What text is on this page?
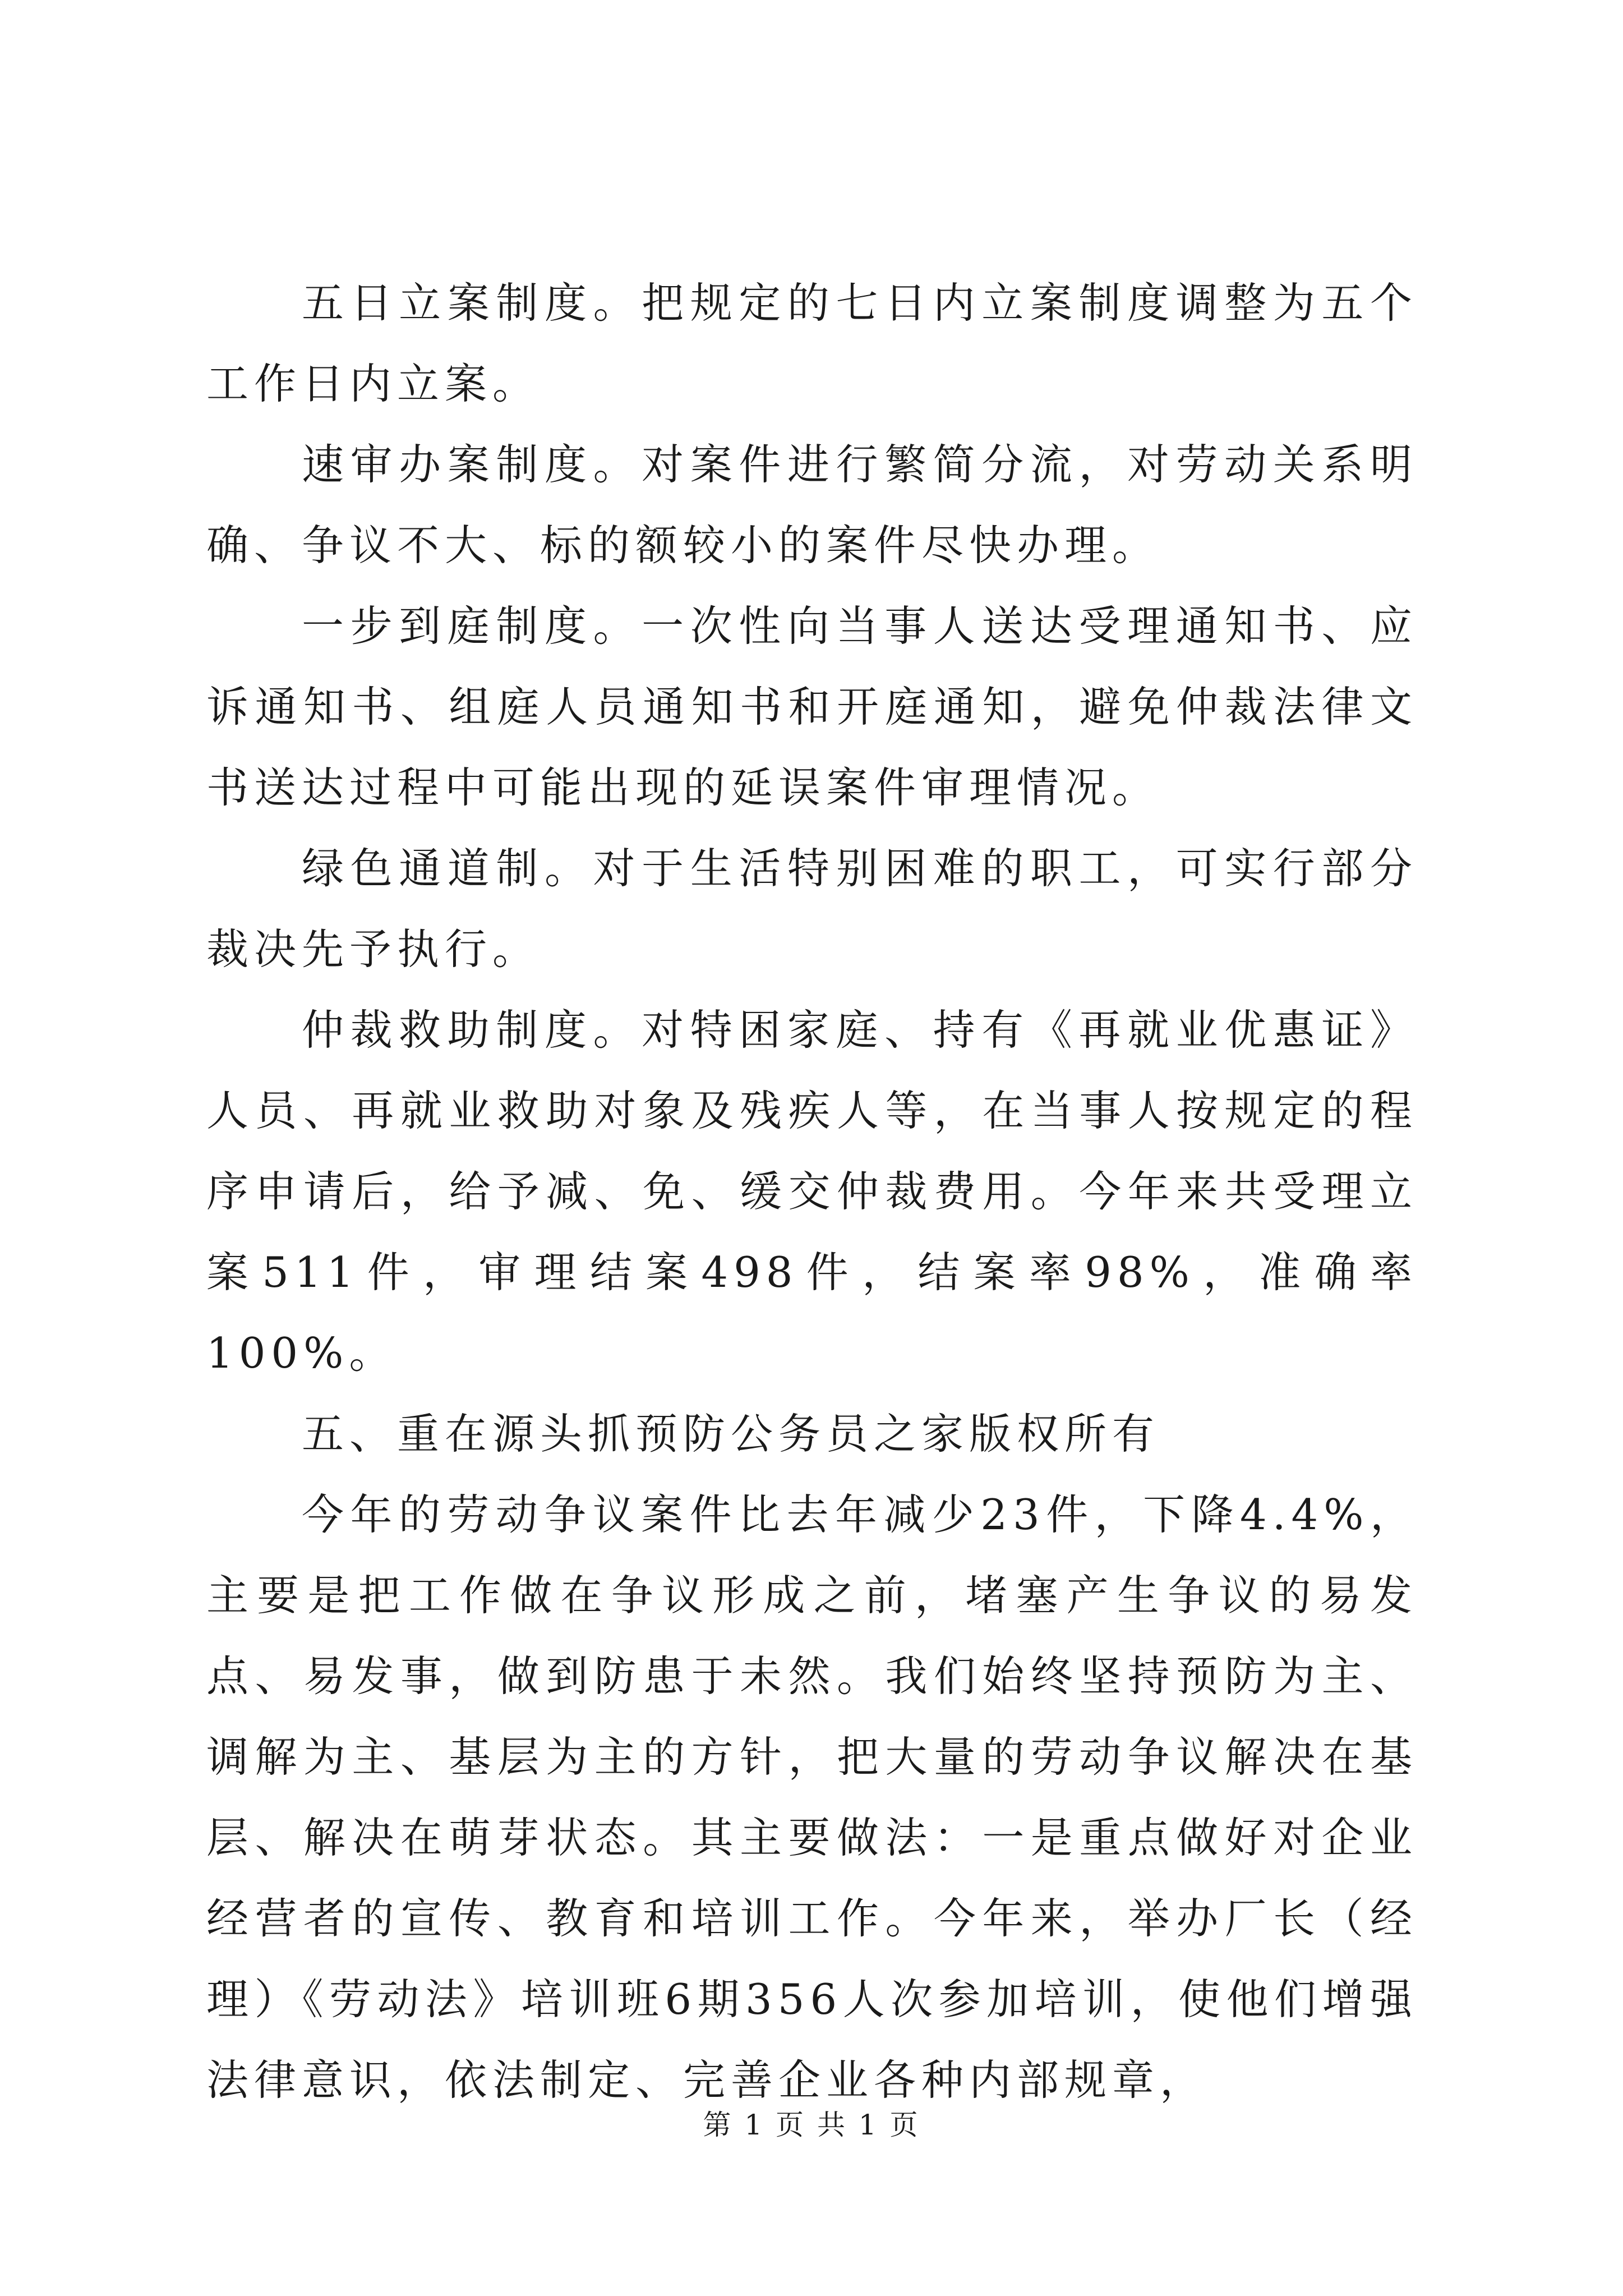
五日立案制度。把规定的七日内立案制度调整为五个工作日内立案。

速审办案制度。对案件进行繁简分流，对劳动关系明确、争议不大、标的额较小的案件尽快办理。

一步到庭制度。一次性向当事人送达受理通知书、应诉通知书、组庭人员通知书和开庭通知，避免仲裁法律文书送达过程中可能出现的延误案件审理情况。

绿色通道制。对于生活特别困难的职工，可实行部分裁决先予执行。

仲裁救助制度。对特困家庭、持有《再就业优惠证》人员、再就业救助对象及残疾人等，在当事人按规定的程序申请后，给予减、免、缓交仲裁费用。今年来共受理立案511件，审理结案498件，结案率98%，准确率100%。

五、重在源头抓预防公务员之家版权所有

今年的劳动争议案件比去年减少23件，下降4.4%，主要是把工作做在争议形成之前，堵塞产生争议的易发点、易发事，做到防患于未然。我们始终坚持预防为主、调解为主、基层为主的方针，把大量的劳动争议解决在基层、解决在萌芽状态。其主要做法：一是重点做好对企业经营者的宣传、教育和培训工作。今年来，举办厂长（经理）《劳动法》培训班6期356人次参加培训，使他们增强法律意识，依法制定、完善企业各种内部规章，

第 1 页 共 1 页
